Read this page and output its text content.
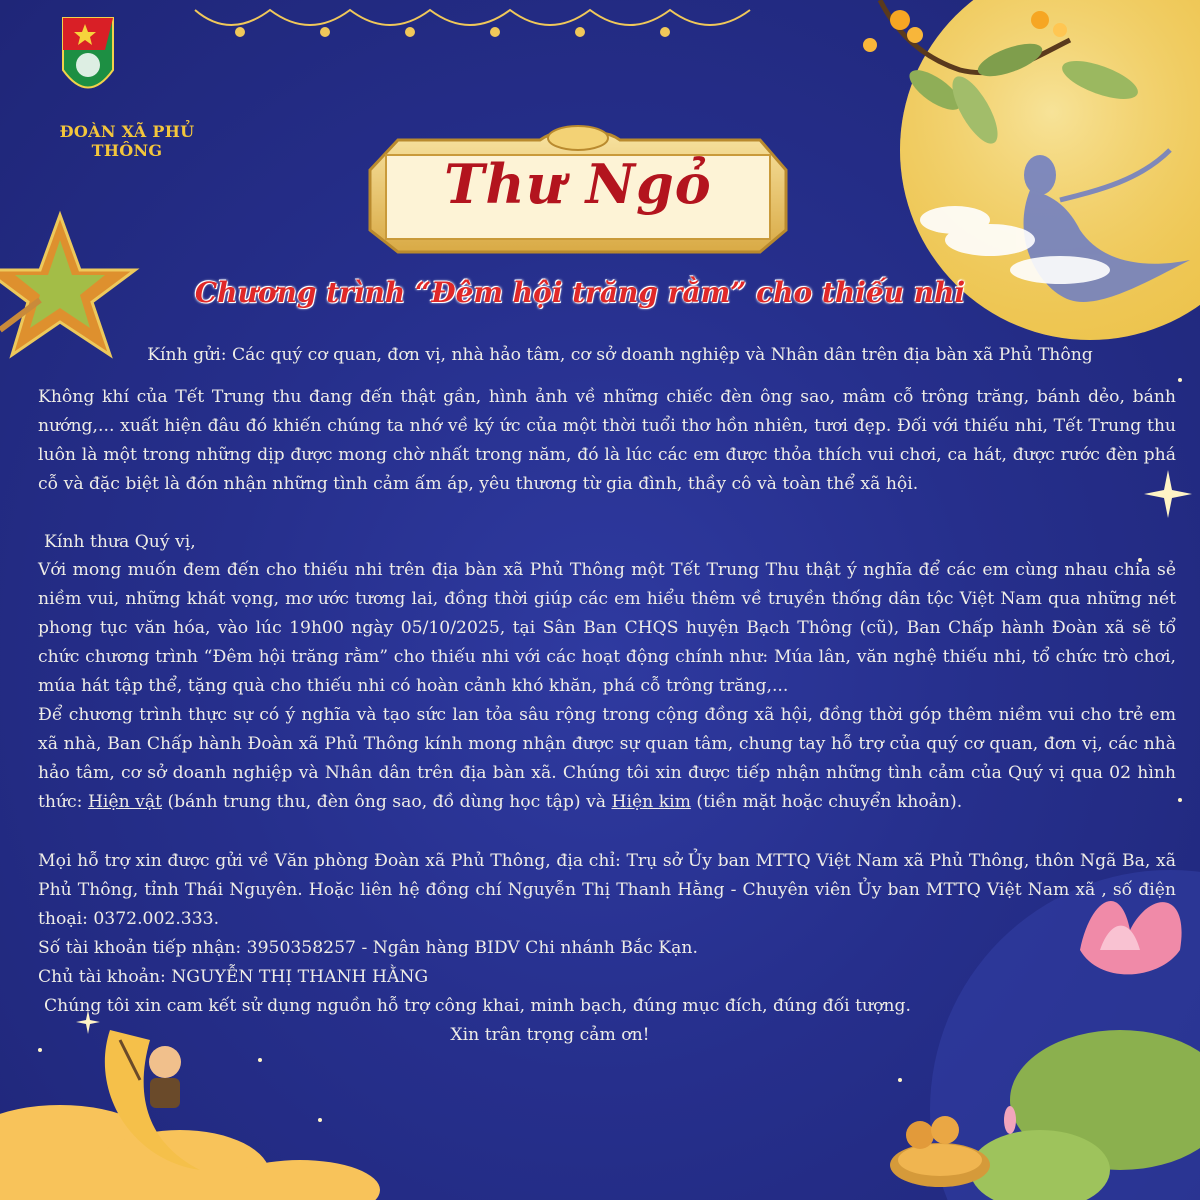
ĐOÀN XÃ PHỦ THÔNG
Thư Ngỏ
Chương trình “Đêm hội trăng rằm” cho thiếu nhi
Kính gửi: Các quý cơ quan, đơn vị, nhà hảo tâm, cơ sở doanh nghiệp và Nhân dân trên địa bàn xã Phủ Thông
Không khí của Tết Trung thu đang đến thật gần, hình ảnh về những chiếc đèn ông sao, mâm cỗ trông trăng, bánh dẻo, bánh nướng,... xuất hiện đâu đó khiến chúng ta nhớ về ký ức của một thời tuổi thơ hồn nhiên, tươi đẹp. Đối với thiếu nhi, Tết Trung thu luôn là một trong những dịp được mong chờ nhất trong năm, đó là lúc các em được thỏa thích vui chơi, ca hát, được rước đèn phá cỗ và đặc biệt là đón nhận những tình cảm ấm áp, yêu thương từ gia đình, thầy cô và toàn thể xã hội.
Kính thưa Quý vị,
Với mong muốn đem đến cho thiếu nhi trên địa bàn xã Phủ Thông một Tết Trung Thu thật ý nghĩa để các em cùng nhau chia sẻ niềm vui, những khát vọng, mơ ước tương lai, đồng thời giúp các em hiểu thêm về truyền thống dân tộc Việt Nam qua những nét phong tục văn hóa, vào lúc 19h00 ngày 05/10/2025, tại Sân Ban CHQS huyện Bạch Thông (cũ), Ban Chấp hành Đoàn xã sẽ tổ chức chương trình “Đêm hội trăng rằm” cho thiếu nhi với các hoạt động chính như: Múa lân, văn nghệ thiếu nhi, tổ chức trò chơi, múa hát tập thể, tặng quà cho thiếu nhi có hoàn cảnh khó khăn, phá cỗ trông trăng,...
Để chương trình thực sự có ý nghĩa và tạo sức lan tỏa sâu rộng trong cộng đồng xã hội, đồng thời góp thêm niềm vui cho trẻ em xã nhà, Ban Chấp hành Đoàn xã Phủ Thông kính mong nhận được sự quan tâm, chung tay hỗ trợ của quý cơ quan, đơn vị, các nhà hảo tâm, cơ sở doanh nghiệp và Nhân dân trên địa bàn xã. Chúng tôi xin được tiếp nhận những tình cảm của Quý vị qua 02 hình thức: Hiện vật (bánh trung thu, đèn ông sao, đồ dùng học tập) và Hiện kim (tiền mặt hoặc chuyển khoản).
Mọi hỗ trợ xin được gửi về Văn phòng Đoàn xã Phủ Thông, địa chỉ: Trụ sở Ủy ban MTTQ Việt Nam xã Phủ Thông, thôn Ngã Ba, xã Phủ Thông, tỉnh Thái Nguyên. Hoặc liên hệ đồng chí Nguyễn Thị Thanh Hằng - Chuyên viên Ủy ban MTTQ Việt Nam xã , số điện thoại: 0372.002.333.
Số tài khoản tiếp nhận: 3950358257 - Ngân hàng BIDV Chi nhánh Bắc Kạn.
Chủ tài khoản: NGUYỄN THỊ THANH HẰNG
Chúng tôi xin cam kết sử dụng nguồn hỗ trợ công khai, minh bạch, đúng mục đích, đúng đối tượng.
Xin trân trọng cảm ơn!
